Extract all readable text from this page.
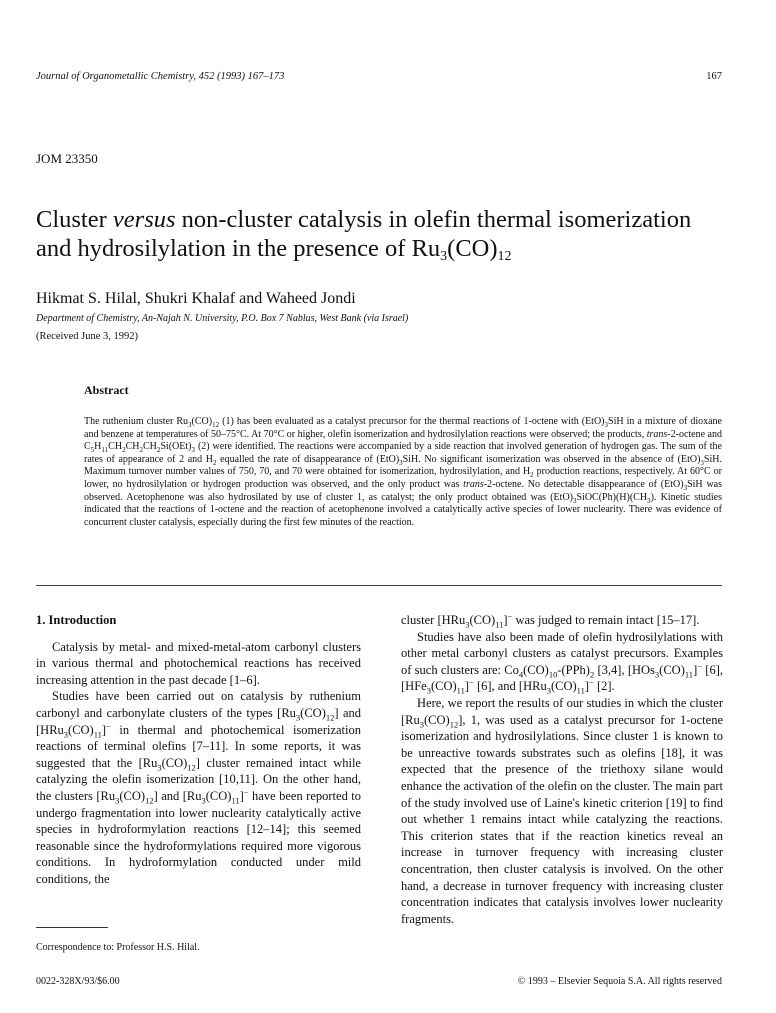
Journal of Organometallic Chemistry, 452 (1993) 167–173	167
JOM 23350
Cluster versus non-cluster catalysis in olefin thermal isomerization
and hydrosilylation in the presence of $Ru_3(CO)_{12}$
Hikmat S. Hilal, Shukri Khalaf and Waheed Jondi
Department of Chemistry, An-Najah N. University, P.O. Box 7 Nablus, West Bank (via Israel)
(Received June 3, 1992)
Abstract

The ruthenium cluster $Ru_3(CO)_{12}$ (1) has been evaluated as a catalyst precursor for the thermal reactions of 1-octene with $(EtO)_3SiH$ in a mixture of dioxane and benzene at temperatures of 50–75°C. At 70°C or higher, olefin isomerization and hydrosilylation reactions were observed; the products, trans-2-octene and $C_5H_{11}CH_2CH_2CH_2Si(OEt)_3$ (2) were identified. The reactions were accompanied by a side reaction that involved generation of hydrogen gas. The sum of the rates of appearance of 2 and $H_2$ equalled the rate of disappearance of $(EtO)_3SiH$. No significant isomerization was observed in the absence of $(EtO)_3SiH$. Maximum turnover number values of 750, 70, and 70 were obtained for isomerization, hydrosilylation, and $H_2$ production reactions, respectively. At 60°C or lower, no hydrosilylation or hydrogen production was observed, and the only product was trans-2-octene. No detectable disappearance of $(EtO)_3SiH$ was observed. Acetophenone was also hydrosilated by use of cluster 1, as catalyst; the only product obtained was $(EtO)_3SiOC(Ph)(H)(CH_3)$. Kinetic studies indicated that the reactions of 1-octene and the reaction of acetophenone involved a catalytically active species of lower nuclearity. There was evidence of concurrent cluster catalysis, especially during the first few minutes of the reaction.

1. Introduction

Catalysis by metal- and mixed-metal-atom carbonyl clusters in various thermal and photochemical reactions has received increasing attention in the past decade [1–6].

Studies have been carried out on catalysis by ruthenium carbonyl and carbonylate clusters of the types $[Ru_3(CO)_{12}]$ and $[HRu_3(CO)_{11}]^-$ in thermal and photochemical isomerization reactions of terminal olefins [7–11]. In some reports, it was suggested that the $[Ru_3(CO)_{12}]$ cluster remained intact while catalyzing the olefin isomerization [10,11]. On the other hand, the clusters $[Ru_3(CO)_{12}]$ and $[Ru_3(CO)_{11}]^-$ have been reported to undergo fragmentation into lower nuclearity catalytically active species in hydroformylation reactions [12–14]; this seemed reasonable since the hydroformylations required more vigorous conditions. In hydroformylation conducted under mild conditions, the

cluster $[HRu_3(CO)_{11}]^-$ was judged to remain intact [15–17].

Studies have also been made of olefin hydrosilylations with other metal carbonyl clusters as catalyst precursors. Examples of such clusters are: $Co_4(CO)_{10}-(PPh)_2$ [3,4], $[HOs_3(CO)_{11}]^-$ [6], $[HFe_3(CO)_{11}]^-$ [6], and $[HRu_3(CO)_{11}]^-$ [2].

Here, we report the results of our studies in which the cluster $[Ru_3(CO)_{12}]$, 1, was used as a catalyst precursor for 1-octene isomerization and hydrosilylations. Since cluster 1 is known to be unreactive towards substrates such as olefins [18], it was expected that the presence of the triethoxy silane would enhance the activation of the olefin on the cluster. The main part of the study involved use of Laine's kinetic criterion [19] to find out whether 1 remains intact while catalyzing the reactions. This criterion states that if the reaction kinetics reveal an increase in turnover frequency with increasing cluster concentration, then cluster catalysis is involved. On the other hand, a decrease in turnover frequency with increasing cluster concentration indicates that catalysis involves lower nuclearity fragments.

Correspondence to: Professor H.S. Hilal.
0022-328X/93/$6.00	© 1993 – Elsevier Sequoia S.A. All rights reserved
